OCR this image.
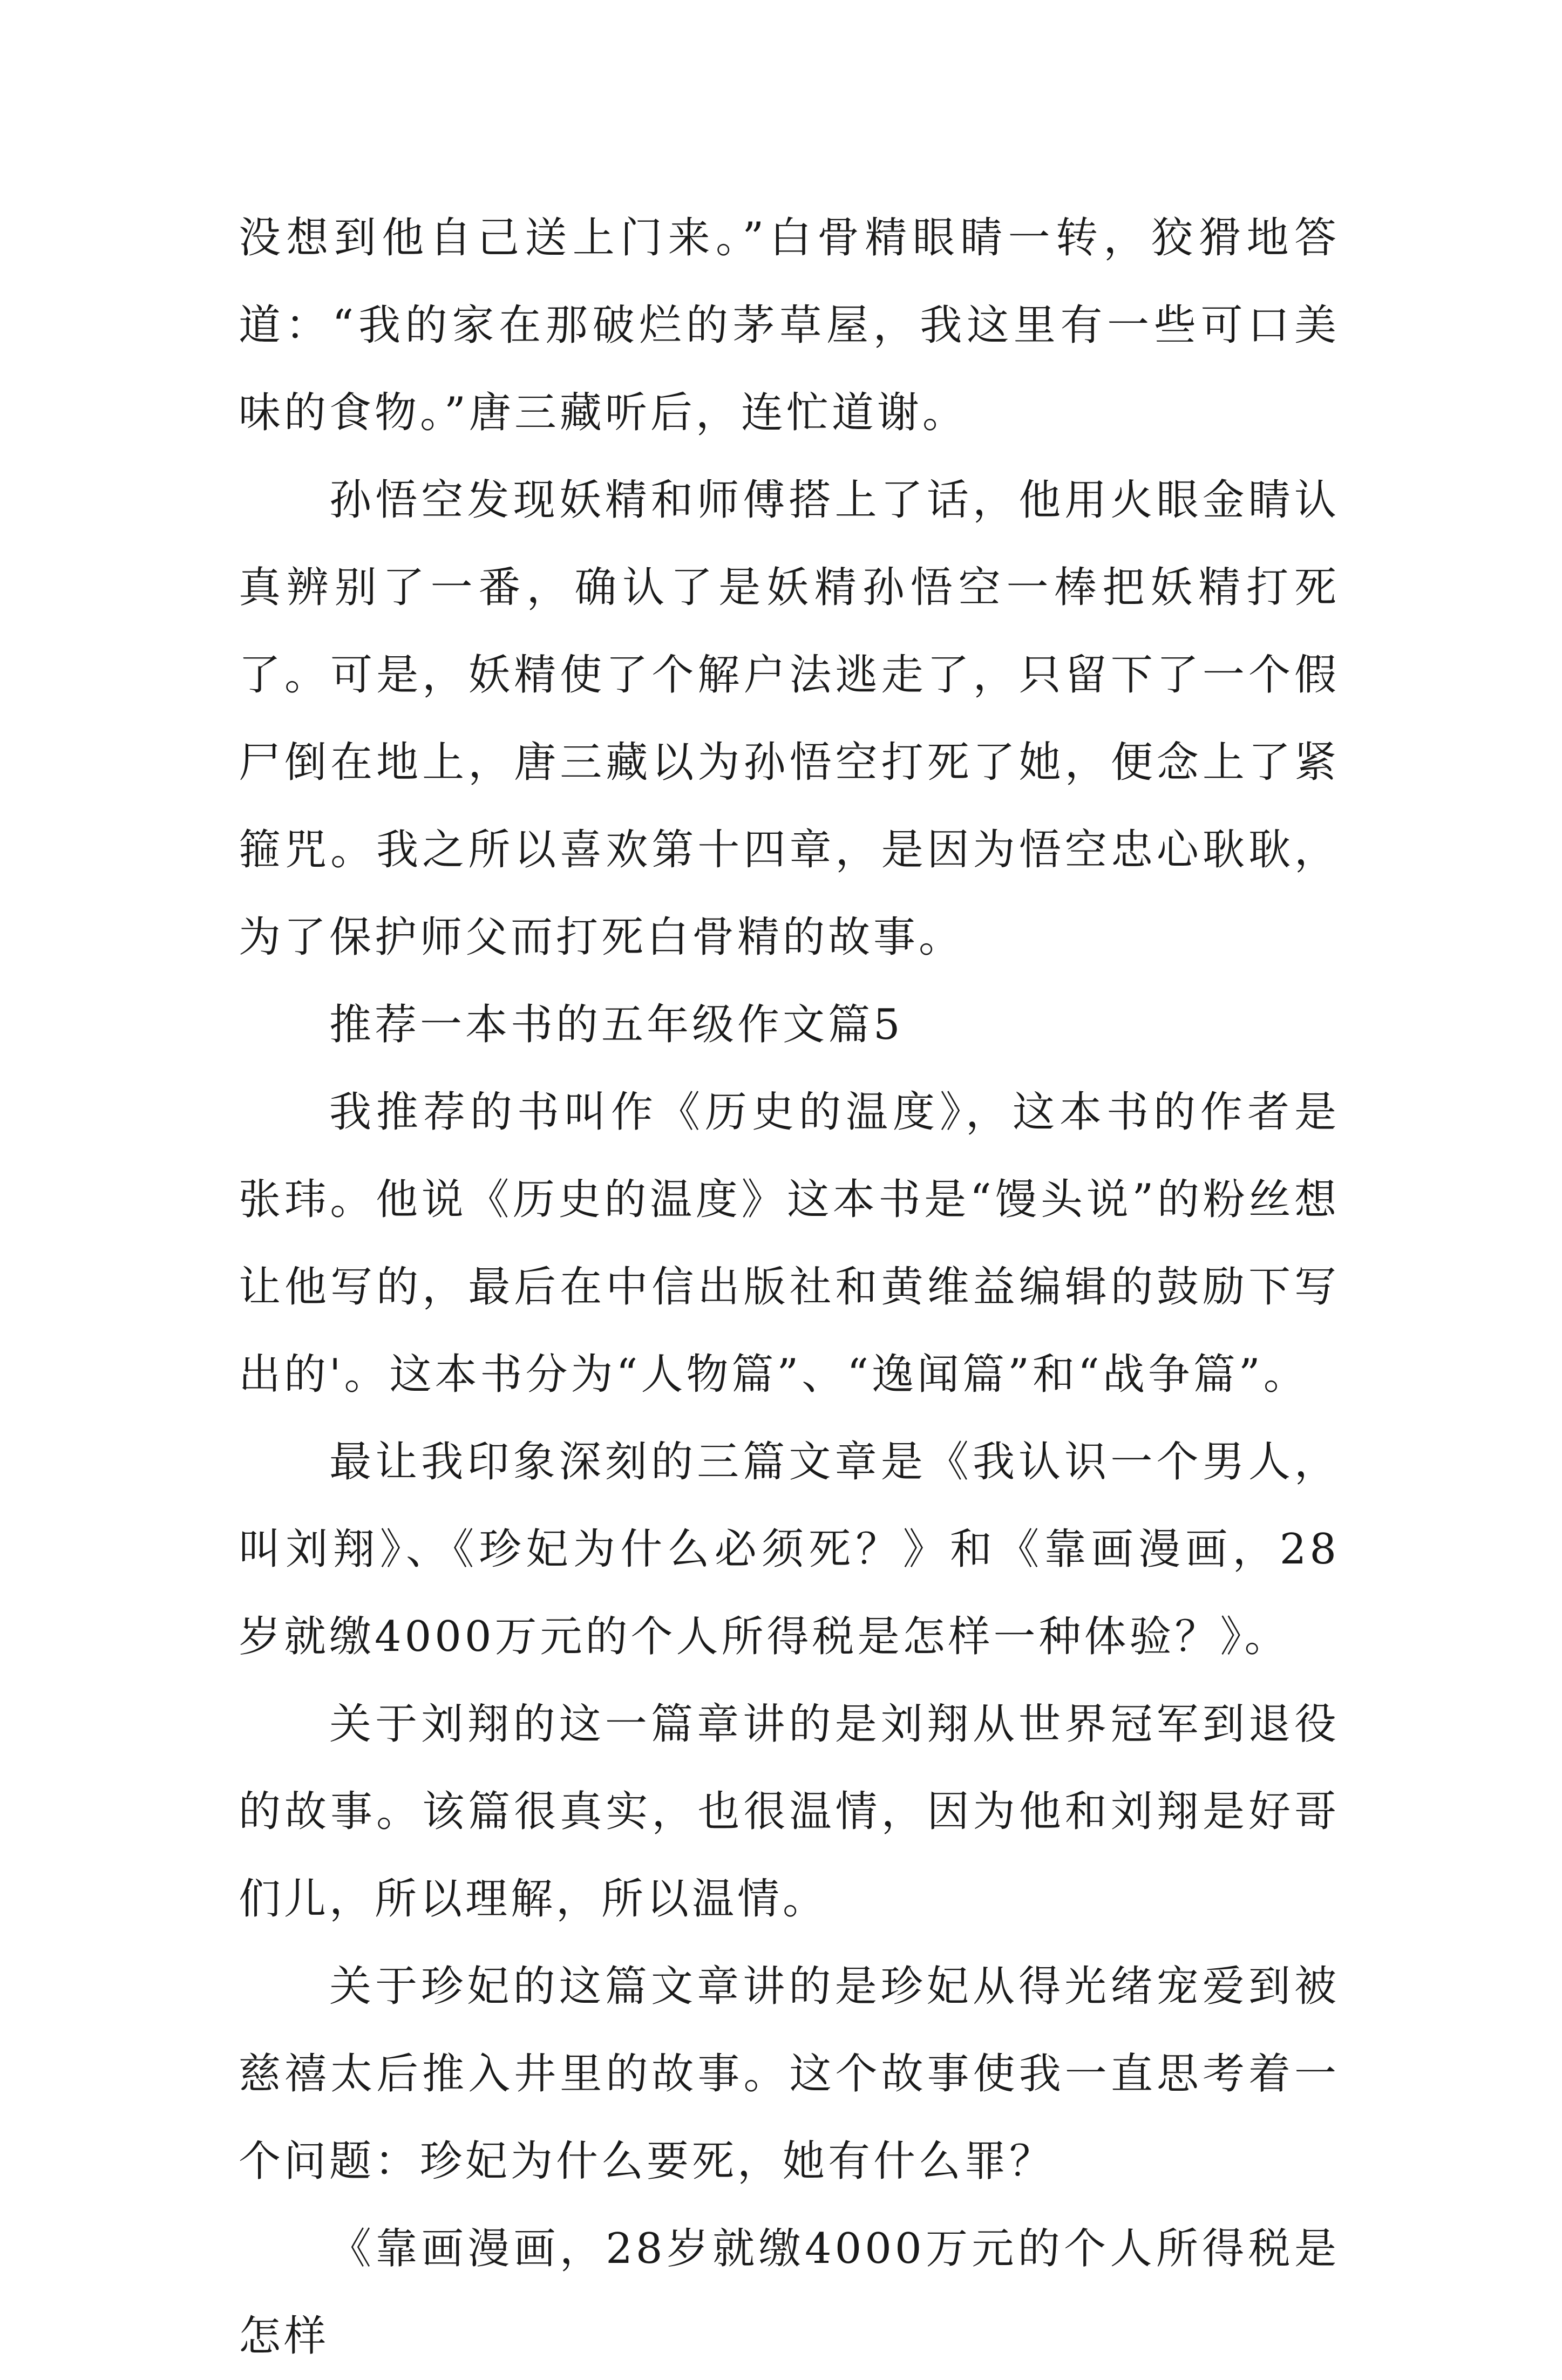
没想到他自己送上门来。”白骨精眼睛一转，狡猾地答道：“我的家在那破烂的茅草屋，我这里有一些可口美味的食物。”唐三藏听后，连忙道谢。

孙悟空发现妖精和师傅搭上了话，他用火眼金睛认真辨别了一番，确认了是妖精孙悟空一棒把妖精打死了。可是，妖精使了个解户法逃走了，只留下了一个假尸倒在地上，唐三藏以为孙悟空打死了她，便念上了紧箍咒。我之所以喜欢第十四章，是因为悟空忠心耿耿，为了保护师父而打死白骨精的故事。

推荐一本书的五年级作文篇5

我推荐的书叫作《历史的温度》，这本书的作者是张玮。他说《历史的温度》这本书是“馒头说”的粉丝想让他写的，最后在中信出版社和黄维益编辑的鼓励下写出的'。这本书分为“人物篇”、“逸闻篇”和“战争篇”。

最让我印象深刻的三篇文章是《我认识一个男人，叫刘翔》、《珍妃为什么必须死？》和《靠画漫画，28岁就缴4000万元的个人所得税是怎样一种体验？》。

关于刘翔的这一篇章讲的是刘翔从世界冠军到退役的故事。该篇很真实，也很温情，因为他和刘翔是好哥们儿，所以理解，所以温情。

关于珍妃的这篇文章讲的是珍妃从得光绪宠爱到被慈禧太后推入井里的故事。这个故事使我一直思考着一个问题：珍妃为什么要死，她有什么罪？

《靠画漫画，28岁就缴4000万元的个人所得税是怎样
